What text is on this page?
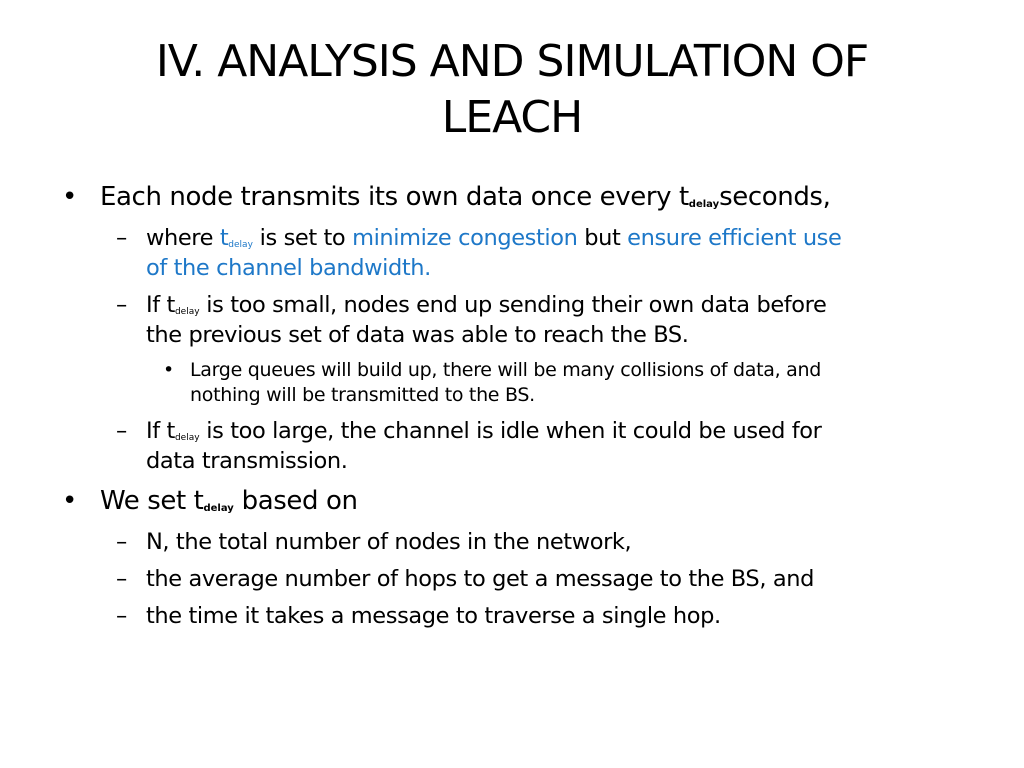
IV. ANALYSIS AND SIMULATION OF
LEACH
• Each node transmits its own data once every tdelayseconds,
– where tdelay is set to minimize congestion but ensure efficient use
of the channel bandwidth.
– If tdelay is too small, nodes end up sending their own data before
the previous set of data was able to reach the BS.
• Large queues will build up, there will be many collisions of data, and
nothing will be transmitted to the BS.
– If tdelay is too large, the channel is idle when it could be used for
data transmission.
• We set tdelay based on
– N, the total number of nodes in the network,
– the average number of hops to get a message to the BS, and
– the time it takes a message to traverse a single hop.
